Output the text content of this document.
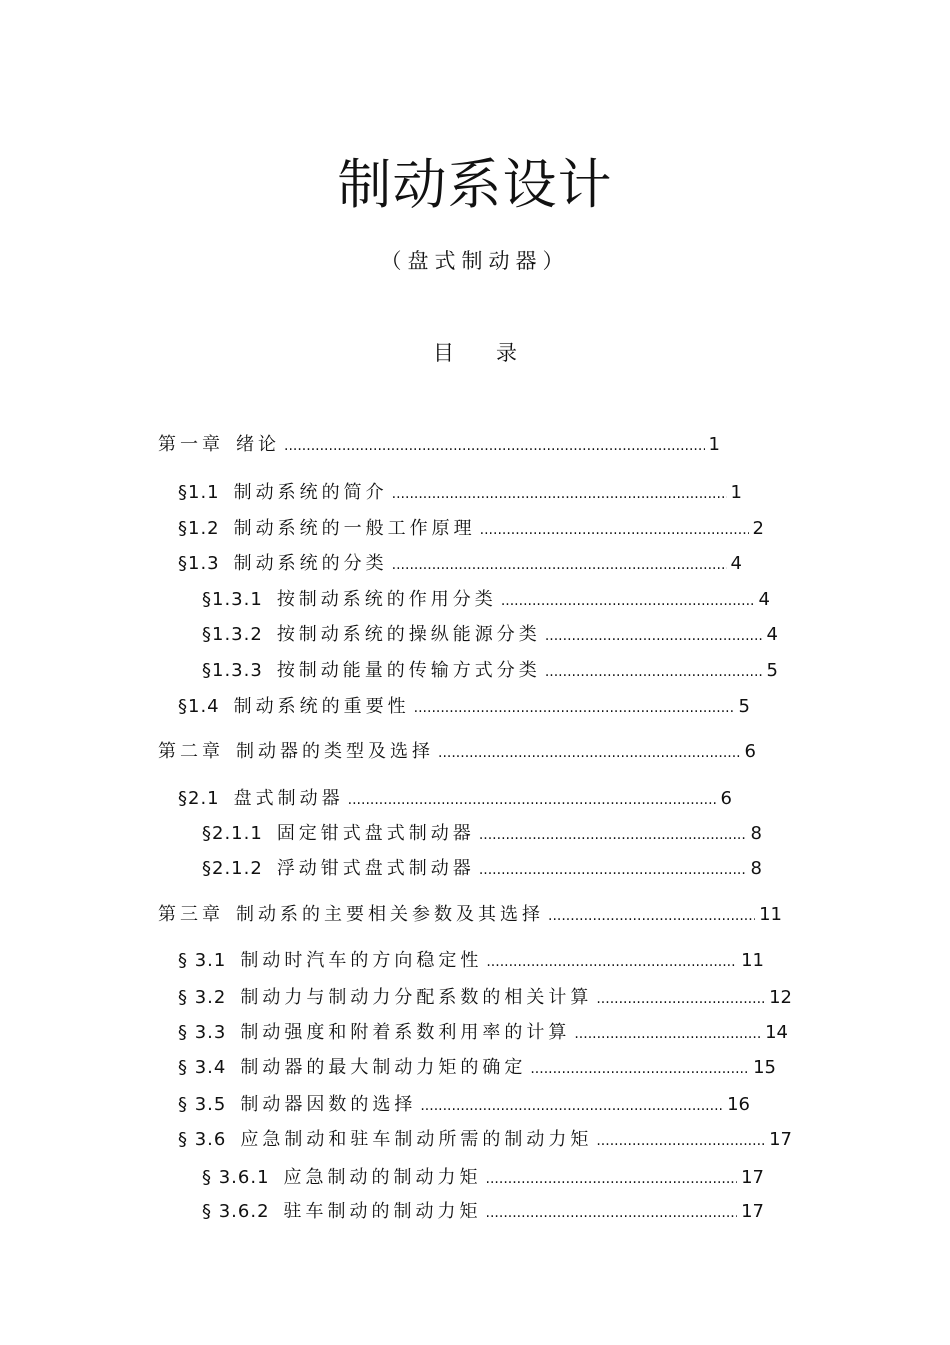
制动系设计
（盘式制动器）
目 录
第一章 绪论 .....	1
§1.1 制动系统的简介 .....	1
§1.2 制动系统的一般工作原理 .....	2
§1.3 制动系统的分类 .....	4
§1.3.1 按制动系统的作用分类 .....	4
§1.3.2 按制动系统的操纵能源分类 .....	4
§1.3.3 按制动能量的传输方式分类 .....	5
§1.4 制动系统的重要性 .....	5
第二章 制动器的类型及选择 .....	6
§2.1 盘式制动器 .....	6
§2.1.1 固定钳式盘式制动器 .....	8
§2.1.2 浮动钳式盘式制动器 .....	8
第三章 制动系的主要相关参数及其选择 .....	11
§ 3.1 制动时汽车的方向稳定性 .....	11
§ 3.2 制动力与制动力分配系数的相关计算 .....	12
§ 3.3 制动强度和附着系数利用率的计算 .....	14
§ 3.4 制动器的最大制动力矩的确定 .....	15
§ 3.5 制动器因数的选择 .....	16
§ 3.6 应急制动和驻车制动所需的制动力矩 .....	17
§ 3.6.1 应急制动的制动力矩 .....	17
§ 3.6.2 驻车制动的制动力矩 .....	17
